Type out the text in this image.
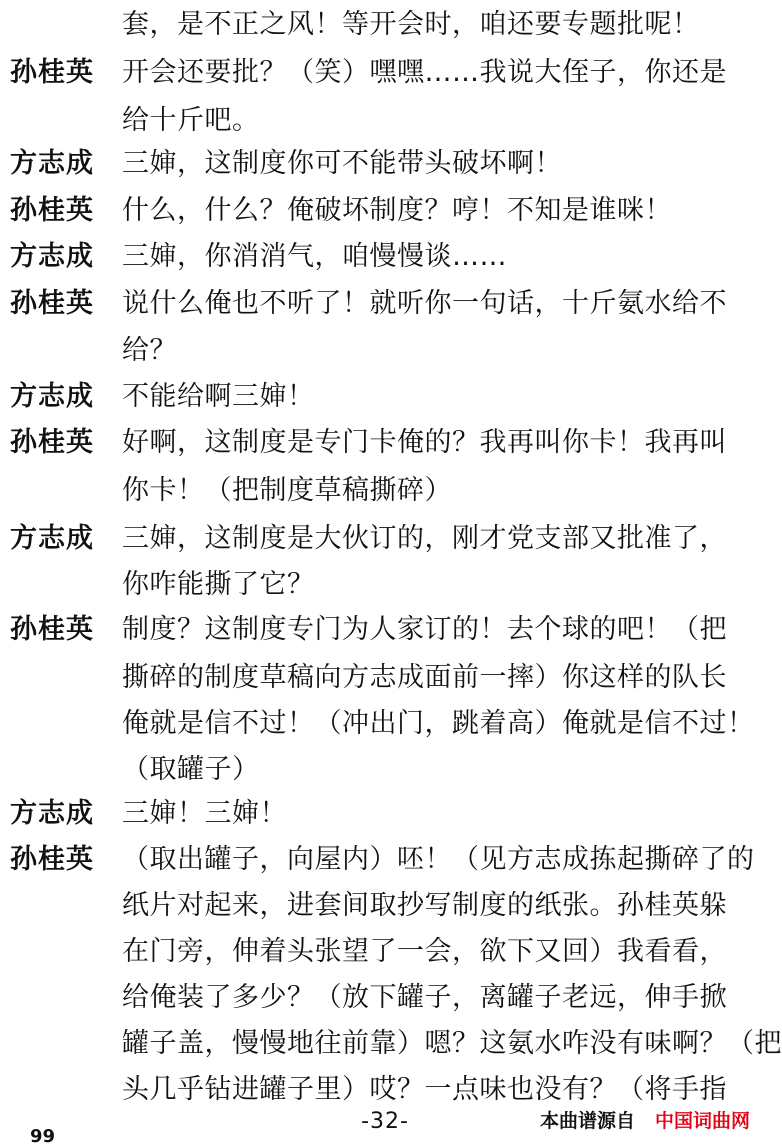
套，是不正之风！等开会时，咱还要专题批呢！
孙桂英	开会还要批？（笑）嘿嘿……我说大侄子，你还是
给十斤吧。
方志成	三婶，这制度你可不能带头破坏啊！
孙桂英	什么，什么？俺破坏制度？哼！不知是谁咪！
方志成	三婶，你消消气，咱慢慢谈……
孙桂英	说什么俺也不听了！就听你一句话，十斤氨水给不
给？
方志成	不能给啊三婶！
孙桂英	好啊，这制度是专门卡俺的？我再叫你卡！我再叫
你卡！（把制度草稿撕碎）
方志成	三婶，这制度是大伙订的，刚才党支部又批准了，
你咋能撕了它？
孙桂英	制度？这制度专门为人家订的！去个球的吧！（把
撕碎的制度草稿向方志成面前一摔）你这样的队长
俺就是信不过！（冲出门，跳着高）俺就是信不过！
（取罐子）
方志成	三婶！三婶！
孙桂英	（取出罐子，向屋内）呸！（见方志成拣起撕碎了的
纸片对起来，进套间取抄写制度的纸张。孙桂英躲
在门旁，伸着头张望了一会，欲下又回）我看看，
给俺装了多少？（放下罐子，离罐子老远，伸手掀
罐子盖，慢慢地往前靠）嗯？这氨水咋没有味啊？（把
头几乎钻进罐子里）哎？一点味也没有？（将手指
-32-	本曲谱源自 中国词曲网
99
